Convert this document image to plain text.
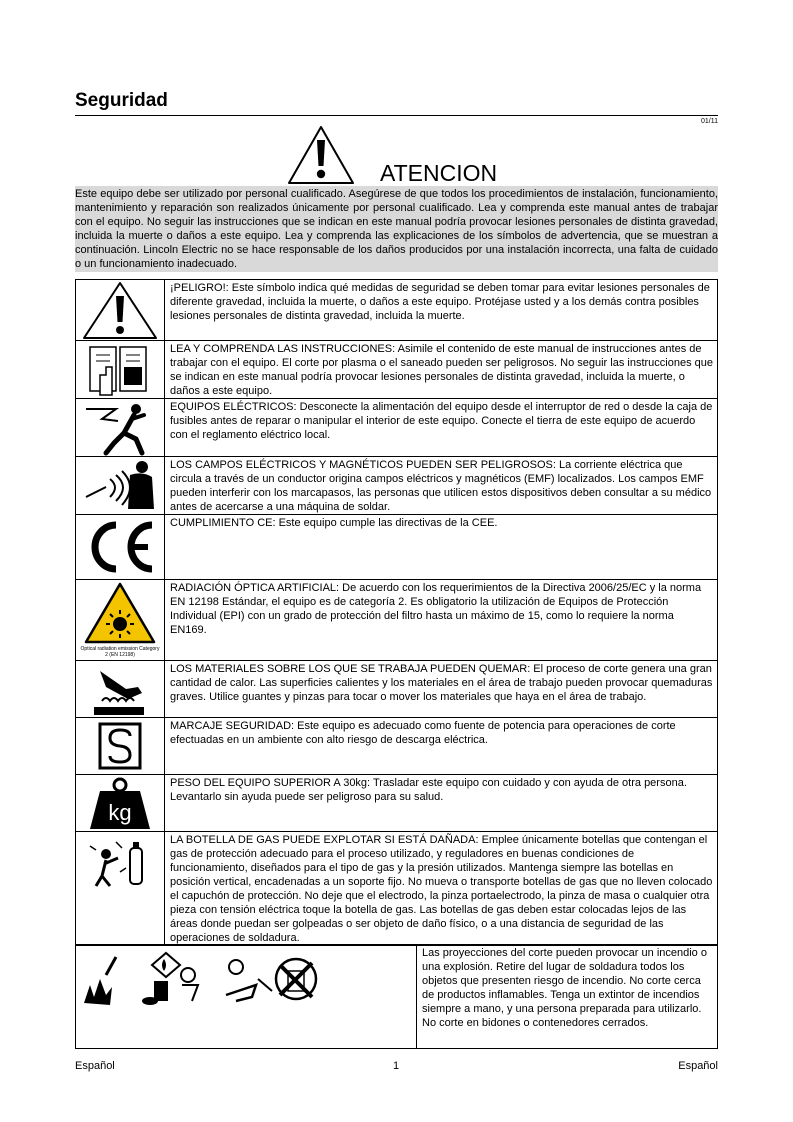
Seguridad
01/11
ATENCION
Este equipo debe ser utilizado por personal cualificado. Asegúrese de que todos los procedimientos de instalación, funcionamiento, mantenimiento y reparación son realizados únicamente por personal cualificado. Lea y comprenda este manual antes de trabajar con el equipo. No seguir las instrucciones que se indican en este manual podría provocar lesiones personales de distinta gravedad, incluida la muerte o daños a este equipo. Lea y comprenda las explicaciones de los símbolos de advertencia, que se muestran a continuación. Lincoln Electric no se hace responsable de los daños producidos por una instalación incorrecta, una falta de cuidado o un funcionamiento inadecuado.
	¡PELIGRO!: Este símbolo indica qué medidas de seguridad se deben tomar para evitar lesiones personales de diferente gravedad, incluida la muerte, o daños a este equipo. Protéjase usted y a los demás contra posibles lesiones personales de distinta gravedad, incluida la muerte.

	LEA Y COMPRENDA LAS INSTRUCCIONES: Asimile el contenido de este manual de instrucciones antes de trabajar con el equipo. El corte por plasma o el saneado pueden ser peligrosos. No seguir las instrucciones que se indican en este manual podría provocar lesiones personales de distinta gravedad, incluida la muerte, o daños a este equipo.

	EQUIPOS ELÉCTRICOS: Desconecte la alimentación del equipo desde el interruptor de red o desde la caja de fusibles antes de reparar o manipular el interior de este equipo. Conecte el tierra de este equipo de acuerdo con el reglamento eléctrico local.

	LOS CAMPOS ELÉCTRICOS Y MAGNÉTICOS PUEDEN SER PELIGROSOS: La corriente eléctrica que circula a través de un conductor origina campos eléctricos y magnéticos (EMF) localizados. Los campos EMF pueden interferir con los marcapasos, las personas que utilicen estos dispositivos deben consultar a su médico antes de acercarse a una máquina de soldar.

	CUMPLIMIENTO CE: Este equipo cumple las directivas de la CEE.

Optical radiation emission Category 2 (EN 12198)	RADIACIÓN ÓPTICA ARTIFICIAL: De acuerdo con los requerimientos de la Directiva 2006/25/EC y la norma EN 12198 Estándar, el equipo es de categoría 2. Es obligatorio la utilización de Equipos de Protección Individual (EPI) con un grado de protección del filtro hasta un máximo de 15, como lo requiere la norma EN169.

	LOS MATERIALES SOBRE LOS QUE SE TRABAJA PUEDEN QUEMAR: El proceso de corte genera una gran cantidad de calor. Las superficies calientes y los materiales en el área de trabajo pueden provocar quemaduras graves. Utilice guantes y pinzas para tocar o mover los materiales que haya en el área de trabajo.

	MARCAJE SEGURIDAD: Este equipo es adecuado como fuente de potencia para operaciones de corte efectuadas en un ambiente con alto riesgo de descarga eléctrica.

kg	PESO DEL EQUIPO SUPERIOR A 30kg: Trasladar este equipo con cuidado y con ayuda de otra persona. Levantarlo sin ayuda puede ser peligroso para su salud.

	LA BOTELLA DE GAS PUEDE EXPLOTAR SI ESTÁ DAÑADA: Emplee únicamente botellas que contengan el gas de protección adecuado para el proceso utilizado, y reguladores en buenas condiciones de funcionamiento, diseñados para el tipo de gas y la presión utilizados. Mantenga siempre las botellas en posición vertical, encadenadas a un soporte fijo. No mueva o transporte botellas de gas que no lleven colocado el capuchón de protección. No deje que el electrodo, la pinza portaelectrodo, la pinza de masa o cualquier otra pieza con tensión eléctrica toque la botella de gas. Las botellas de gas deben estar colocadas lejos de las áreas donde puedan ser golpeadas o ser objeto de daño físico, o a una distancia de seguridad de las operaciones de soldadura.
	Las proyecciones del corte pueden provocar un incendio o una explosión. Retire del lugar de soldadura todos los objetos que presenten riesgo de incendio. No corte cerca de productos inflamables. Tenga un extintor de incendios siempre a mano, y una persona preparada para utilizarlo. No corte en bidones o contenedores cerrados.
Español	1	Español
